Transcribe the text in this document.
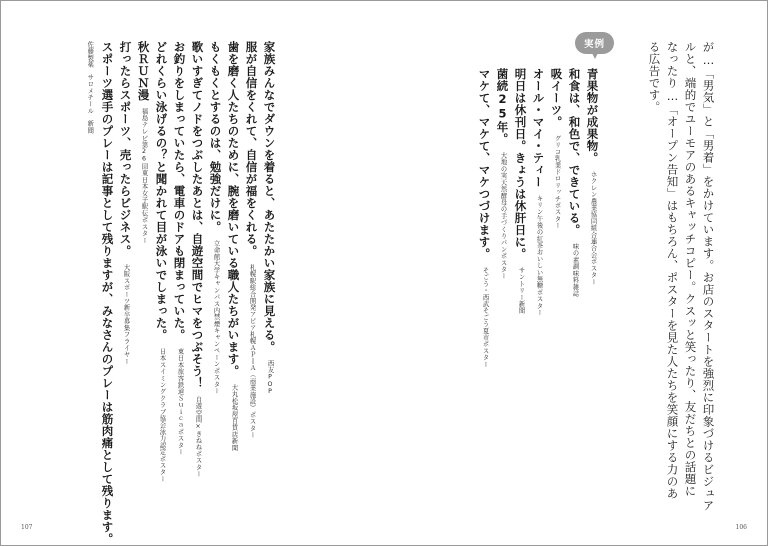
家族みんなでダウンを着ると、あたたかい家族に見える。西友POP
服が自信をくれて、自信が福をくれる。札幌駅総合開発アピア札幌ＡＰＩＡ（商業施設）ポスター
歯を磨く人たちのために、腕を磨いている職人たちがいます。大丸松坂屋百貨店新聞
もくもくとするのは、勉強だけに。立命館大学キャンパス内禁煙キャンペーンポスター
歌いすぎてノドをつぶしたあとは、自遊空間でヒマをつぶそう！自遊空間×きねねポスター
お釣りをしまっていたら、電車のドアも閉まっていた。東日本旅客鉄道Ｓｕｉｃａポスター
どれくらい泳げるの？と聞かれて目が泳いでしまった。日本スイミングクラブ協会泳力認定ポスター
秋ＲＵＮ漫福島テレビ第26回東日本女子駅伝ポスター
打ったらスポーツ、売ったらビジネス。大阪スポーツ新卒募集フライヤー
スポーツ選手のプレーは記事として残りますが、みなさんのプレーは筋肉痛として残ります。
佐藤製薬サロメチール新聞
107
が…「男気」と「男着」をかけています。お店のスタートを強烈に印象づけるビジュア
ルと、端的でユーモアのあるキャッチコピー。クスッと笑ったり、友だちとの話題に
なったり…「オープン告知」はもちろん、ポスターを見た人たちを笑顔にする力のあ
る広告です。
実例
青果物が成果物。ホクレン農業協同組合連合会ポスター
和食は、和色で、できている。味の素調味料雑誌
吸イーツ。グリコ乳業ドロリッチポスター
オール・マイ・ティーキリン午後の紅茶おいしい無糖ポスター
明日は休刊日。きょうは休肝日に。サントリー新聞
菌続25年。大地の実天然酵母の手づくりパンポスター
マケて、マケて、マケつづけます。そごう・西武そごう夏市ポスター
106
